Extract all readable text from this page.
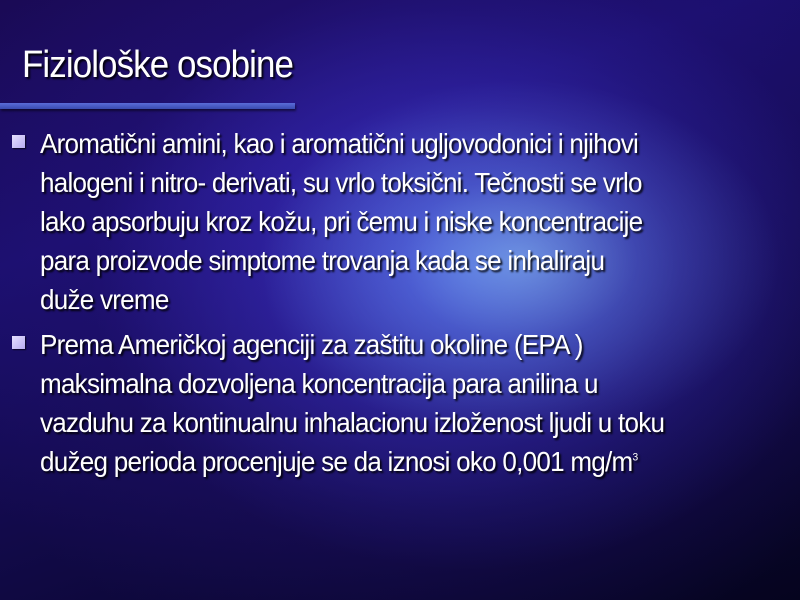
Fiziološke osobine
Aromatični amini, kao i aromatični ugljovodonici i njihovi
halogeni i nitro- derivati, su vrlo toksični. Tečnosti se vrlo
lako apsorbuju kroz kožu, pri čemu i niske koncentracije
para proizvode simptome trovanja kada se inhaliraju
duže vreme
Prema Američkoj agenciji za zaštitu okoline (EPA )
maksimalna dozvoljena koncentracija para anilina u
vazduhu za kontinualnu inhalacionu izloženost ljudi u toku
dužeg perioda procenjuje se da iznosi oko 0,001 $mg/m^3$
